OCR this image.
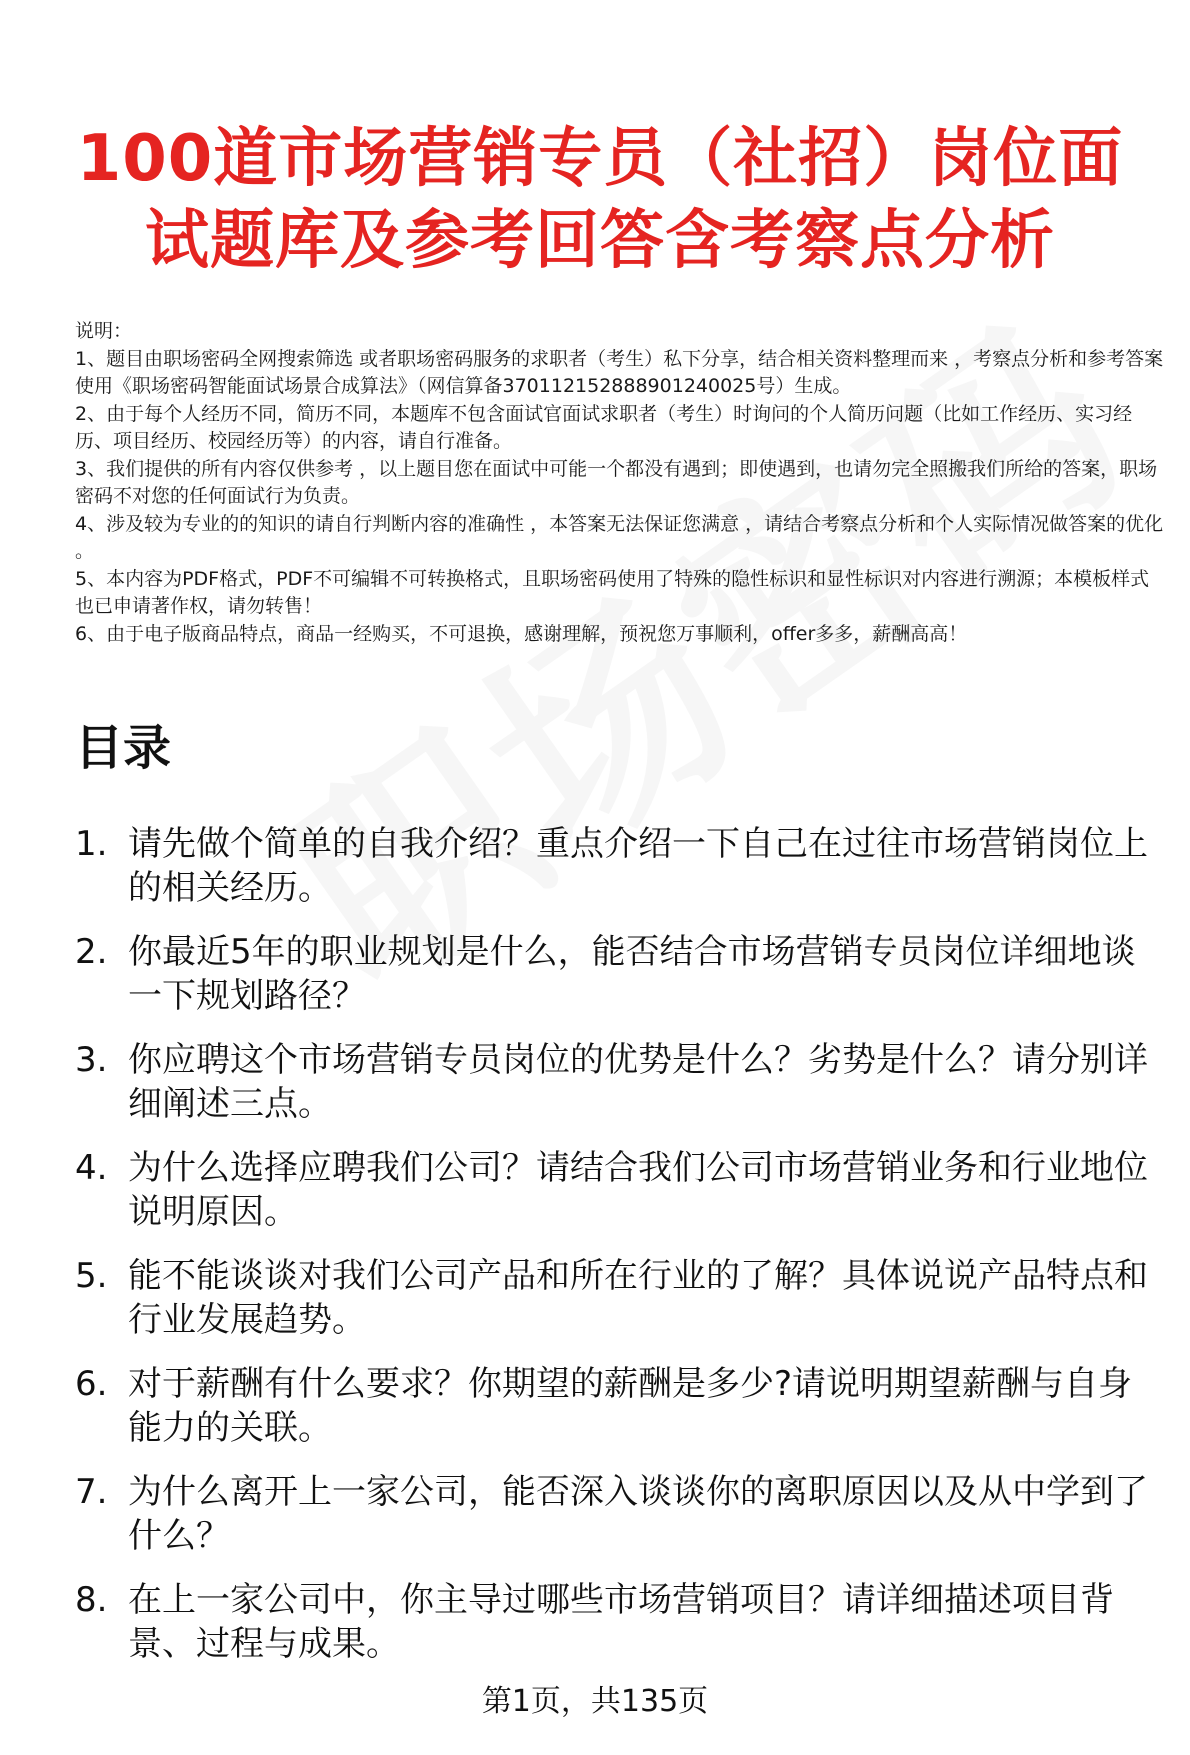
100道市场营销专员（社招）岗位面
试题库及参考回答含考察点分析

说明：

1、题目由职场密码全网搜索筛选 或者职场密码服务的求职者（考生）私下分享，结合相关资料整理而来 ，考察点分析和参考答案使用《职场密码智能面试场景合成算法》（网信算备370112152888901240025号）生成。

2、由于每个人经历不同，简历不同，本题库不包含面试官面试求职者（考生）时询问的个人简历问题（比如工作经历、实习经历、项目经历、校园经历等）的内容，请自行准备。

3、我们提供的所有内容仅供参考 ，以上题目您在面试中可能一个都没有遇到；即使遇到，也请勿完全照搬我们所给的答案，职场密码不对您的任何面试行为负责。

4、涉及较为专业的的知识的请自行判断内容的准确性 ，本答案无法保证您满意 ，请结合考察点分析和个人实际情况做答案的优化 。

5、本内容为PDF格式，PDF不可编辑不可转换格式，且职场密码使用了特殊的隐性标识和显性标识对内容进行溯源；本模板样式也已申请著作权，请勿转售！

6、由于电子版商品特点，商品一经购买，不可退换，感谢理解，预祝您万事顺利，offer多多，薪酬高高！

目录
1. 请先做个简单的自我介绍？重点介绍一下自己在过往市场营销岗位上的相关经历。
2. 你最近5年的职业规划是什么，能否结合市场营销专员岗位详细地谈一下规划路径？
3. 你应聘这个市场营销专员岗位的优势是什么？劣势是什么？请分别详细阐述三点。
4. 为什么选择应聘我们公司？请结合我们公司市场营销业务和行业地位说明原因。
5. 能不能谈谈对我们公司产品和所在行业的了解？具体说说产品特点和行业发展趋势。
6. 对于薪酬有什么要求？你期望的薪酬是多少?请说明期望薪酬与自身能力的关联。
7. 为什么离开上一家公司，能否深入谈谈你的离职原因以及从中学到了什么？
8. 在上一家公司中，你主导过哪些市场营销项目？请详细描述项目背景、过程与成果。
第1页，共135页
